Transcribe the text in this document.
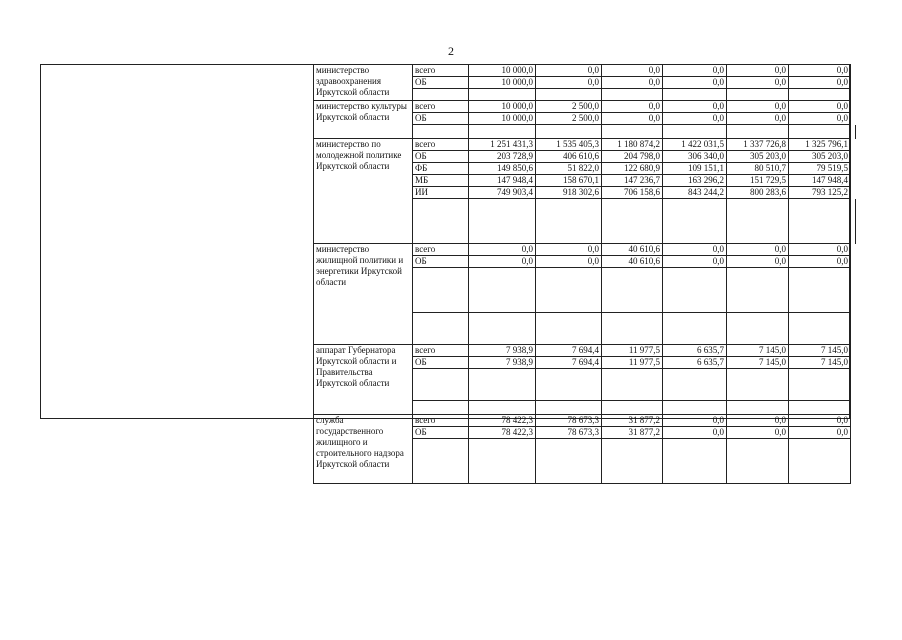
2
министерство здравоохранения Иркутской области	всего	10 000,0	0,0	0,0	0,0	0,0	0,0	
	ОБ	10 000,0	0,0	0,0	0,0	0,0	0,0	

министерство культуры Иркутской области	всего	10 000,0	2 500,0	0,0	0,0	0,0	0,0	
	ОБ	10 000,0	2 500,0	0,0	0,0	0,0	0,0	

министерство по молодежной политике Иркутской области	всего	1 251 431,3	1 535 405,3	1 180 874,2	1 422 031,5	1 337 726,8	1 325 796,1	
	ОБ	203 728,9	406 610,6	204 798,0	306 340,0	305 203,0	305 203,0	
	ФБ	149 850,6	51 822,0	122 680,9	109 151,1	80 510,7	79 519,5	
	МБ	147 948,4	158 670,1	147 236,7	163 296,2	151 729,5	147 948,4	
	ИИ	749 903,4	918 302,6	706 158,6	843 244,2	800 283,6	793 125,2	

министерство жилищной политики и энергетики Иркутской области	всего	0,0	0,0	40 610,6	0,0	0,0	0,0	
	ОБ	0,0	0,0	40 610,6	0,0	0,0	0,0	

аппарат Губернатора Иркутской области и Правительства Иркутской области	всего	7 938,9	7 694,4	11 977,5	6 635,7	7 145,0	7 145,0	
	ОБ	7 938,9	7 694,4	11 977,5	6 635,7	7 145,0	7 145,0	

служба государственного жилищного и строительного надзора Иркутской области	всего	78 422,3	78 673,3	31 877,2	0,0	0,0	0,0	
	ОБ	78 422,3	78 673,3	31 877,2	0,0	0,0	0,0	
